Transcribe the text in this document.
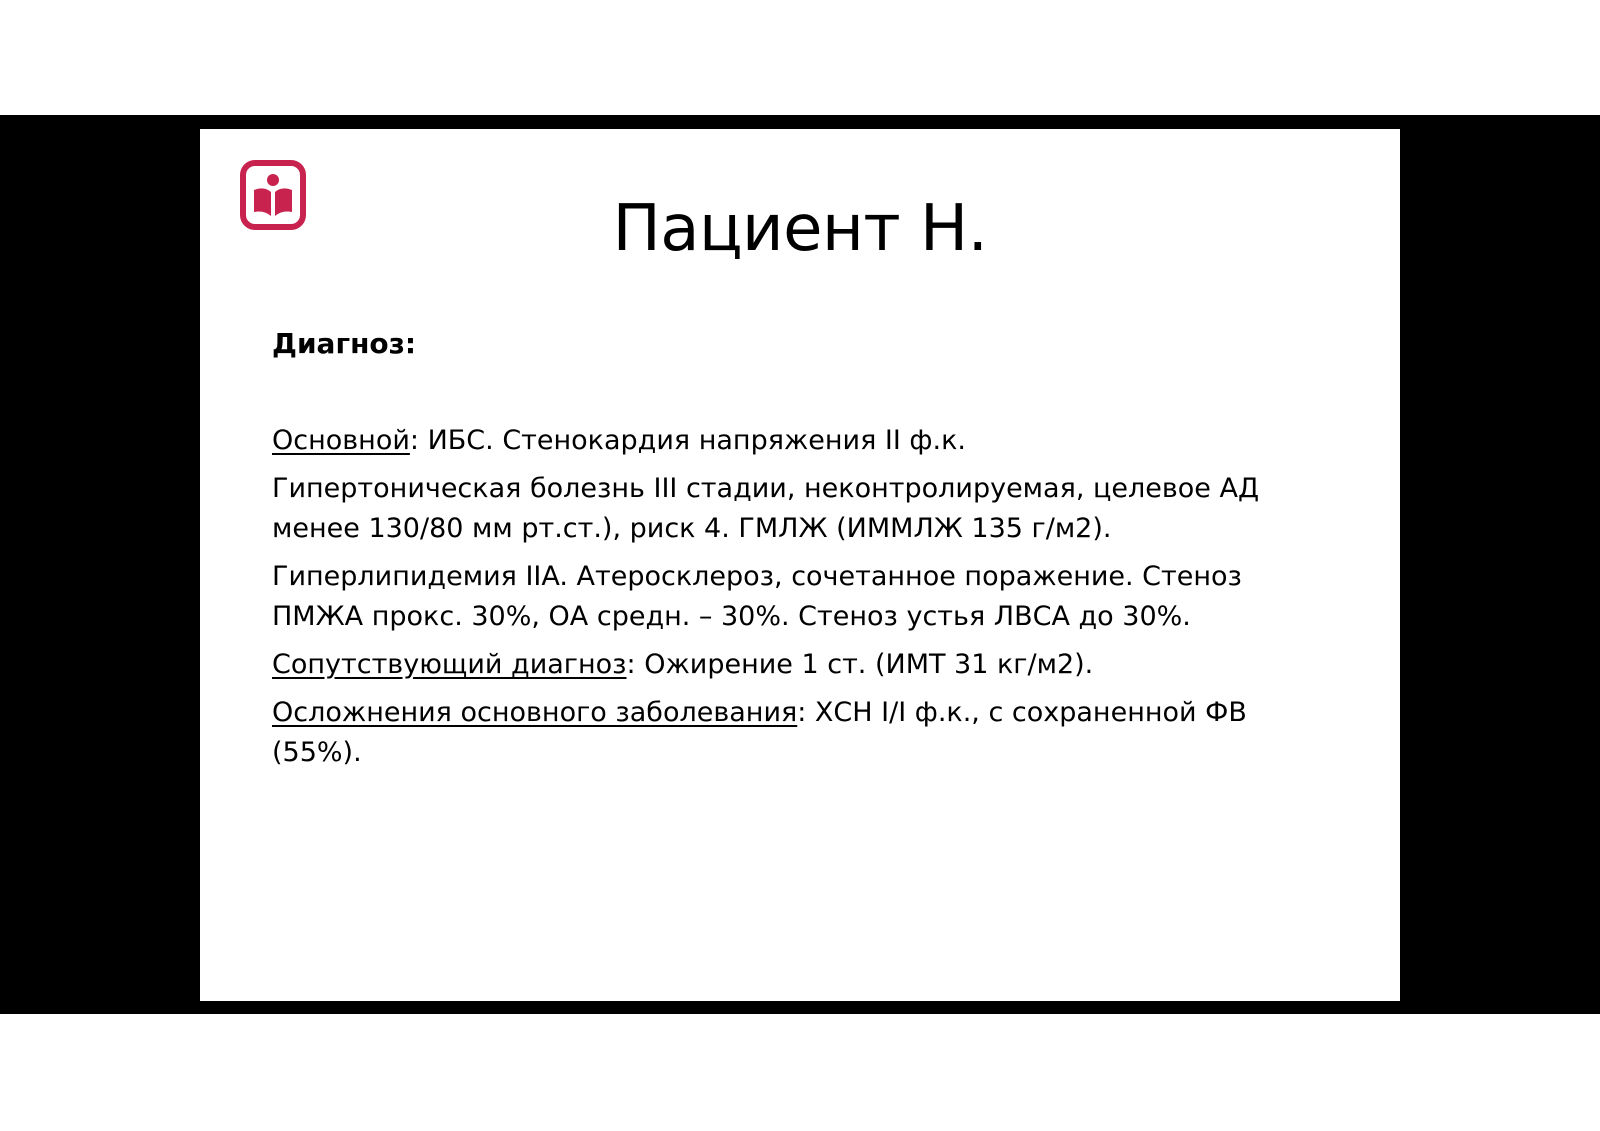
Пациент Н.
Диагноз:

Основной: ИБС. Стенокардия напряжения II ф.к.

Гипертоническая болезнь III стадии, неконтролируемая, целевое АД менее 130/80 мм рт.ст.), риск 4. ГМЛЖ (ИММЛЖ 135 г/м2).

Гиперлипидемия IIA. Атеросклероз, сочетанное поражение. Стеноз ПМЖА прокс. 30%, ОА средн. – 30%. Стеноз устья ЛВСА до 30%.

Сопутствующий диагноз: Ожирение 1 ст. (ИМТ 31 кг/м2).

Осложнения основного заболевания: ХСН I/I ф.к., с сохраненной ФВ (55%).
